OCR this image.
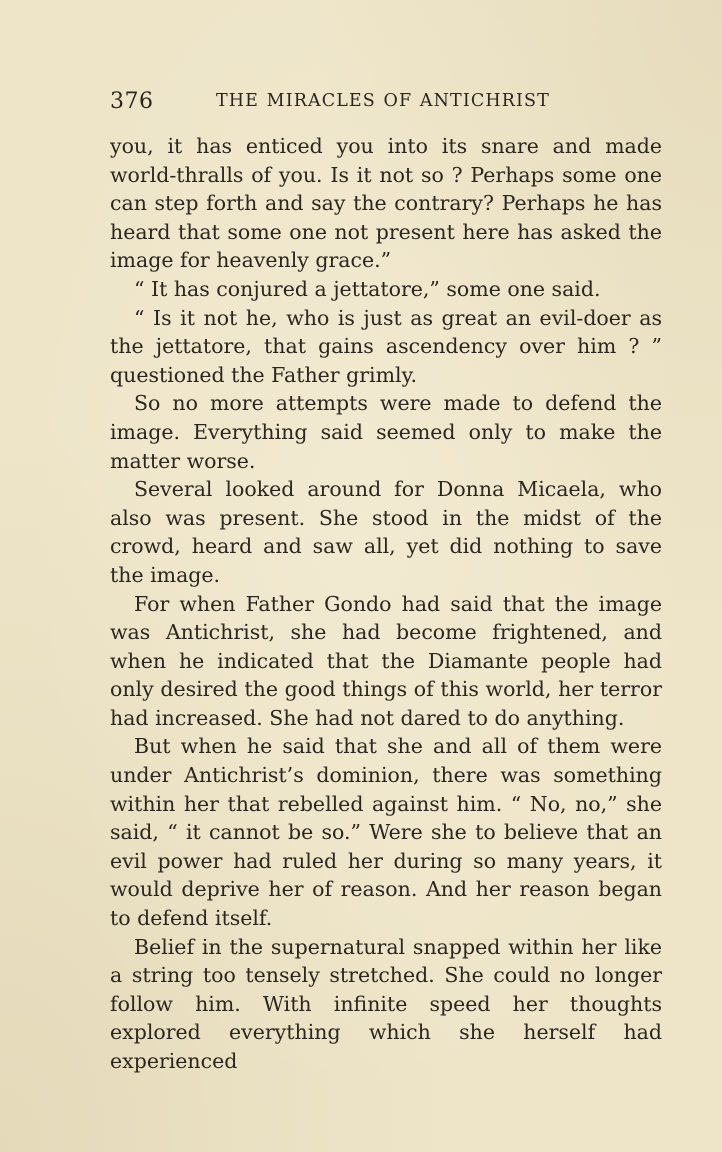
376	THE MIRACLES OF ANTICHRIST

you, it has enticed you into its snare and made world-thralls of you. Is it not so ? Perhaps some one can step forth and say the contrary? Perhaps he has heard that some one not present here has asked the image for heavenly grace.”

“ It has conjured a jettatore,” some one said.

“ Is it not he, who is just as great an evil-doer as the jettatore, that gains ascendency over him ? ” questioned the Father grimly.

So no more attempts were made to defend the image. Everything said seemed only to make the matter worse.

Several looked around for Donna Micaela, who also was present. She stood in the midst of the crowd, heard and saw all, yet did nothing to save the image.

For when Father Gondo had said that the image was Antichrist, she had become frightened, and when he indicated that the Diamante people had only desired the good things of this world, her terror had increased. She had not dared to do anything.

But when he said that she and all of them were under Antichrist’s dominion, there was something within her that rebelled against him. “ No, no,” she said, “ it cannot be so.” Were she to believe that an evil power had ruled her during so many years, it would deprive her of reason. And her reason began to defend itself.

Belief in the supernatural snapped within her like a string too tensely stretched. She could no longer follow him. With infinite speed her thoughts explored everything which she herself had experienced
